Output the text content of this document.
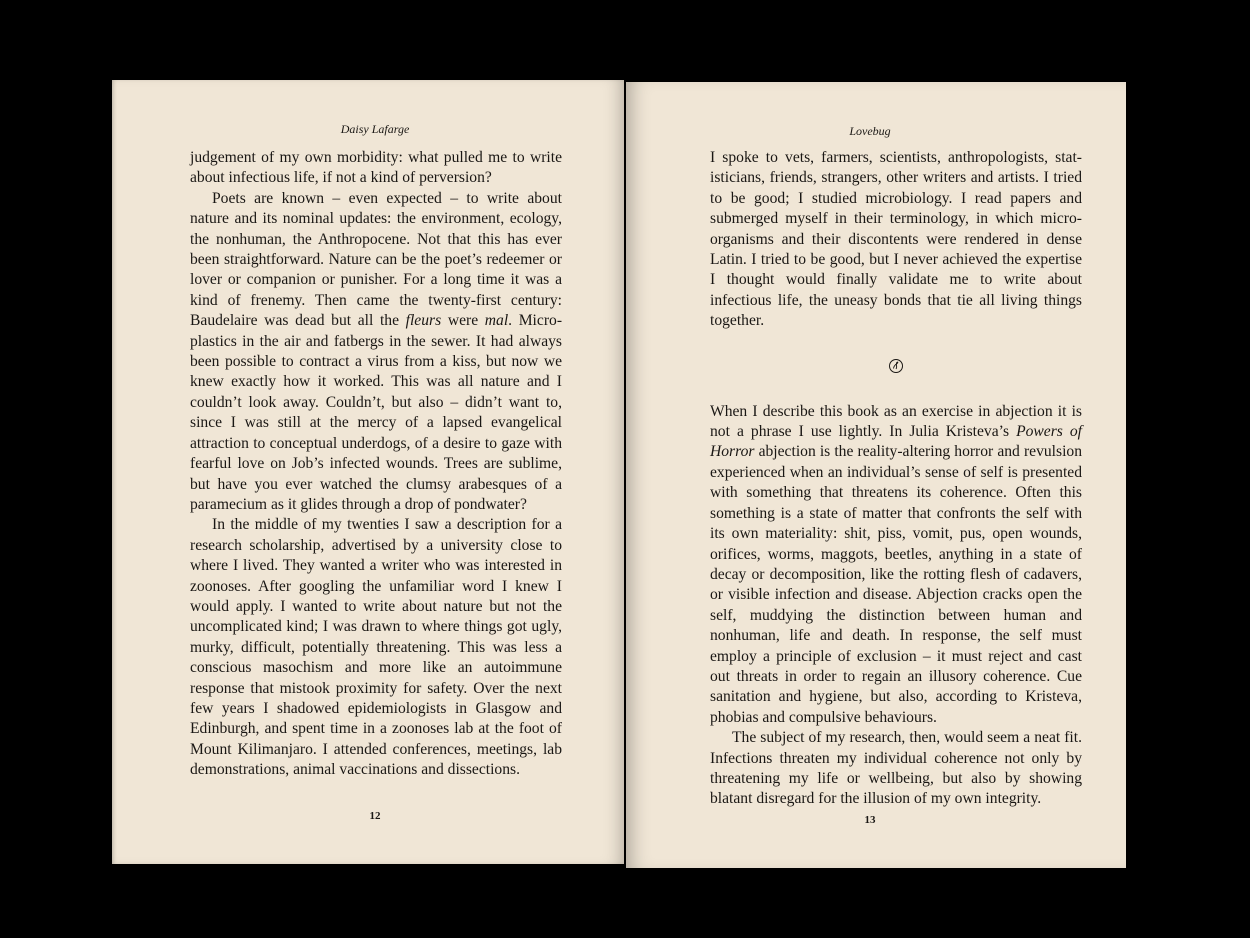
Daisy Lafarge

judgement of my own morbidity: what pulled me to write about infectious life, if not a kind of perversion?

Poets are known – even expected – to write about nature and its nominal updates: the environment, ecology, the nonhuman, the Anthropocene. Not that this has ever been straightforward. Nature can be the poet’s redeemer or lover or companion or punisher. For a long time it was a kind of frenemy. Then came the twenty-first century: Baudelaire was dead but all the fleurs were mal. Microplastics in the air and fatbergs in the sewer. It had always been possible to contract a virus from a kiss, but now we knew exactly how it worked. This was all nature and I couldn’t look away. Couldn’t, but also – didn’t want to, since I was still at the mercy of a lapsed evangelical attraction to conceptual underdogs, of a desire to gaze with fearful love on Job’s infected wounds. Trees are sublime, but have you ever watched the clumsy arabesques of a paramecium as it glides through a drop of pondwater?

In the middle of my twenties I saw a description for a research scholarship, advertised by a university close to where I lived. They wanted a writer who was interested in zoonoses. After googling the unfamiliar word I knew I would apply. I wanted to write about nature but not the uncomplicated kind; I was drawn to where things got ugly, murky, difficult, potentially threatening. This was less a conscious masochism and more like an autoimmune response that mistook proximity for safety. Over the next few years I shadowed epidemiologists in Glasgow and Edinburgh, and spent time in a zoonoses lab at the foot of Mount Kilimanjaro. I attended conferences, meetings, lab demonstrations, animal vaccinations and dissections.

12
Lovebug

I spoke to vets, farmers, scientists, anthropologists, statisticians, friends, strangers, other writers and artists. I tried to be good; I studied microbiology. I read papers and submerged myself in their terminology, in which microorganisms and their discontents were rendered in dense Latin. I tried to be good, but I never achieved the expertise I thought would finally validate me to write about infectious life, the uneasy bonds that tie all living things together.

When I describe this book as an exercise in abjection it is not a phrase I use lightly. In Julia Kristeva’s Powers of Horror abjection is the reality-altering horror and revulsion experienced when an individual’s sense of self is presented with something that threatens its coherence. Often this something is a state of matter that confronts the self with its own materiality: shit, piss, vomit, pus, open wounds, orifices, worms, maggots, beetles, anything in a state of decay or decomposition, like the rotting flesh of cadavers, or visible infection and disease. Abjection cracks open the self, muddying the distinction between human and nonhuman, life and death. In response, the self must employ a principle of exclusion – it must reject and cast out threats in order to regain an illusory coherence. Cue sanitation and hygiene, but also, according to Kristeva, phobias and compulsive behaviours.

The subject of my research, then, would seem a neat fit. Infections threaten my individual coherence not only by threatening my life or wellbeing, but also by showing blatant disregard for the illusion of my own integrity.

13
